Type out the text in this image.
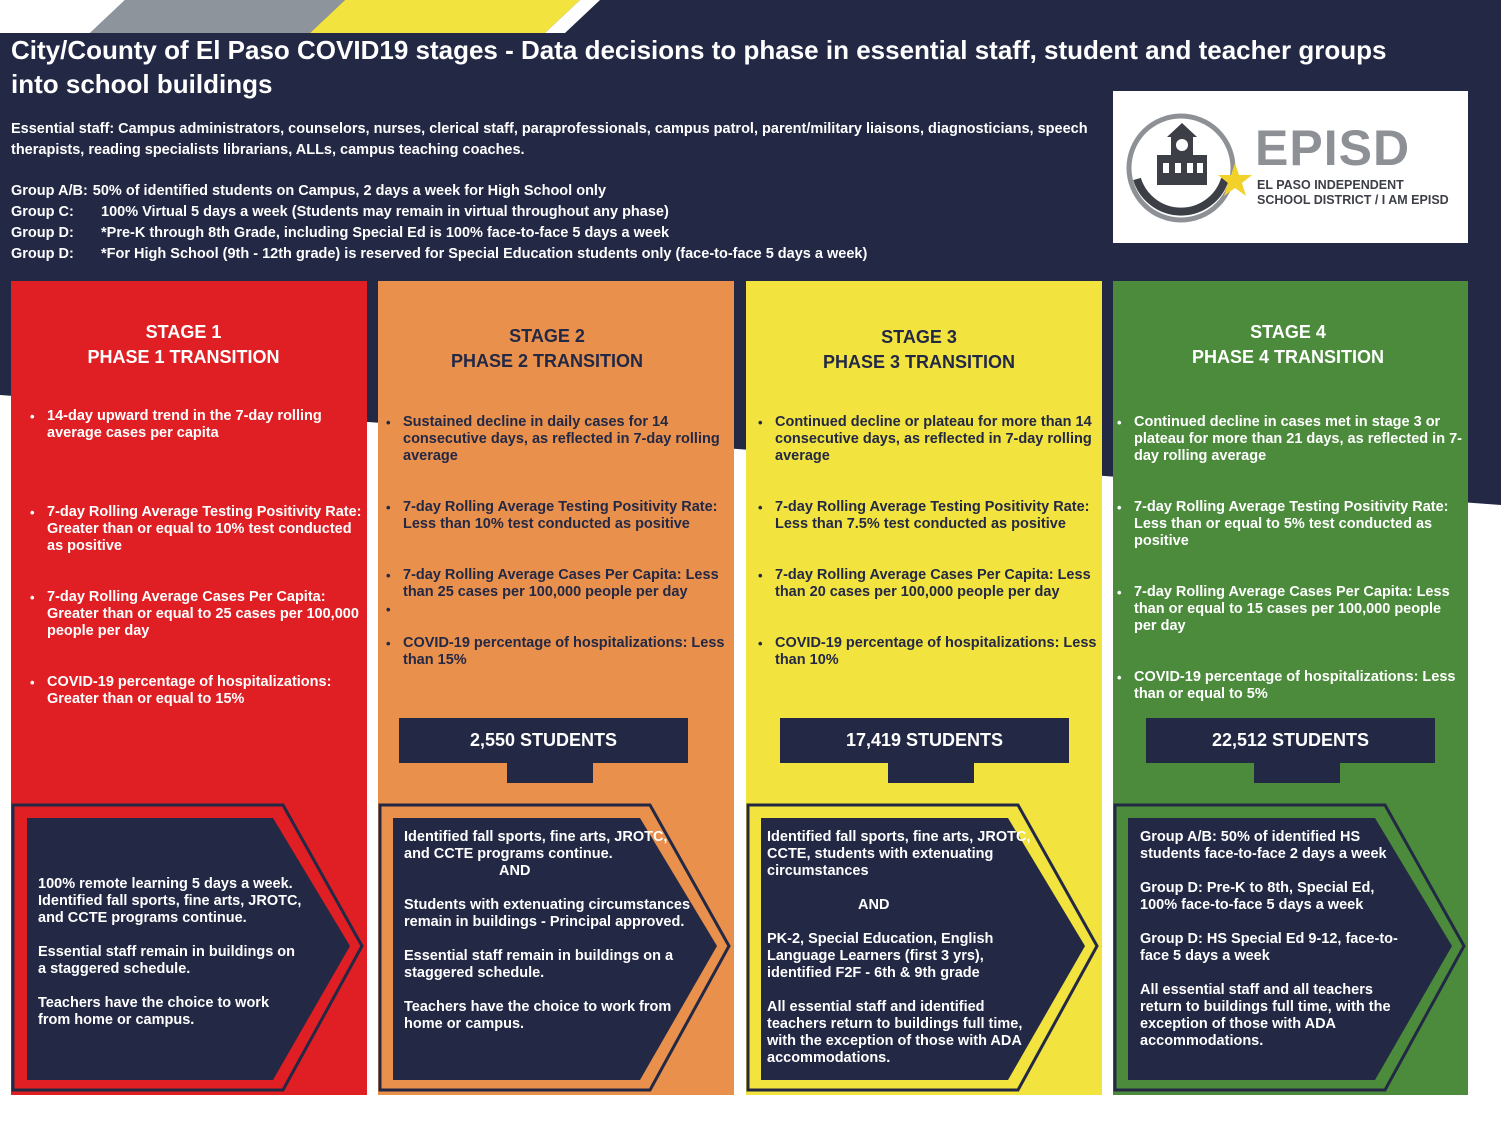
City/County of El Paso COVID19 stages - Data decisions to phase in essential staff, student and teacher groups into school buildings
Essential staff: Campus administrators, counselors, nurses, clerical staff, paraprofessionals, campus patrol, parent/military liaisons, diagnosticians, speech therapists, reading specialists librarians, ALLs, campus teaching coaches.
Group A/B: 50% of identified students on Campus, 2 days a week for High School only
Group C:	100% Virtual 5 days a week (Students may remain in virtual throughout any phase)
Group D:	*Pre-K through 8th Grade, including Special Ed is 100% face-to-face 5 days a week
Group D:	*For High School (9th - 12th grade) is reserved for Special Education students only (face-to-face 5 days a week)
EPISD
EL PASO INDEPENDENT
SCHOOL DISTRICT / I AM EPISD
STAGE 1
PHASE 1 TRANSITION
• 14-day upward trend in the 7-day rolling average cases per capita
• 7-day Rolling Average Testing Positivity Rate: Greater than or equal to 10% test conducted as positive
• 7-day Rolling Average Cases Per Capita: Greater than or equal to 25 cases per 100,000 people per day
• COVID-19 percentage of hospitalizations: Greater than or equal to 15%
100% remote learning 5 days a week. Identified fall sports, fine arts, JROTC, and CCTE programs continue.
Essential staff remain in buildings on a staggered schedule.
Teachers have the choice to work from home or campus.
STAGE 2
PHASE 2 TRANSITION
• Sustained decline in daily cases for 14 consecutive days, as reflected in 7-day rolling average
• 7-day Rolling Average Testing Positivity Rate: Less than 10% test conducted as positive
• 7-day Rolling Average Cases Per Capita: Less than 25 cases per 100,000 people per day
•
• COVID-19 percentage of hospitalizations: Less than 15%
2,550 STUDENTS
Identified fall sports, fine arts, JROTC, and CCTE programs continue.
AND
Students with extenuating circumstances remain in buildings - Principal approved.
Essential staff remain in buildings on a staggered schedule.
Teachers have the choice to work from home or campus.
STAGE 3
PHASE 3 TRANSITION
• Continued decline or plateau for more than 14 consecutive days, as reflected in 7-day rolling average
• 7-day Rolling Average Testing Positivity Rate: Less than 7.5% test conducted as positive
• 7-day Rolling Average Cases Per Capita: Less than 20 cases per 100,000 people per day
• COVID-19 percentage of hospitalizations: Less than 10%
17,419 STUDENTS
Identified fall sports, fine arts, JROTC, CCTE, students with extenuating circumstances
AND
PK-2, Special Education, English Language Learners (first 3 yrs), identified F2F - 6th & 9th grade
All essential staff and identified teachers return to buildings full time, with the exception of those with ADA accommodations.
STAGE 4
PHASE 4 TRANSITION
• Continued decline in cases met in stage 3 or plateau for more than 21 days, as reflected in 7-day rolling average
• 7-day Rolling Average Testing Positivity Rate: Less than or equal to 5% test conducted as positive
• 7-day Rolling Average Cases Per Capita: Less than or equal to 15 cases per 100,000 people per day
• COVID-19 percentage of hospitalizations: Less than or equal to 5%
22,512 STUDENTS
Group A/B: 50% of identified HS students face-to-face 2 days a week
Group D: Pre-K to 8th, Special Ed, 100% face-to-face 5 days a week
Group D: HS Special Ed 9-12, face-to-face 5 days a week
All essential staff and all teachers return to buildings full time, with the exception of those with ADA accommodations.
